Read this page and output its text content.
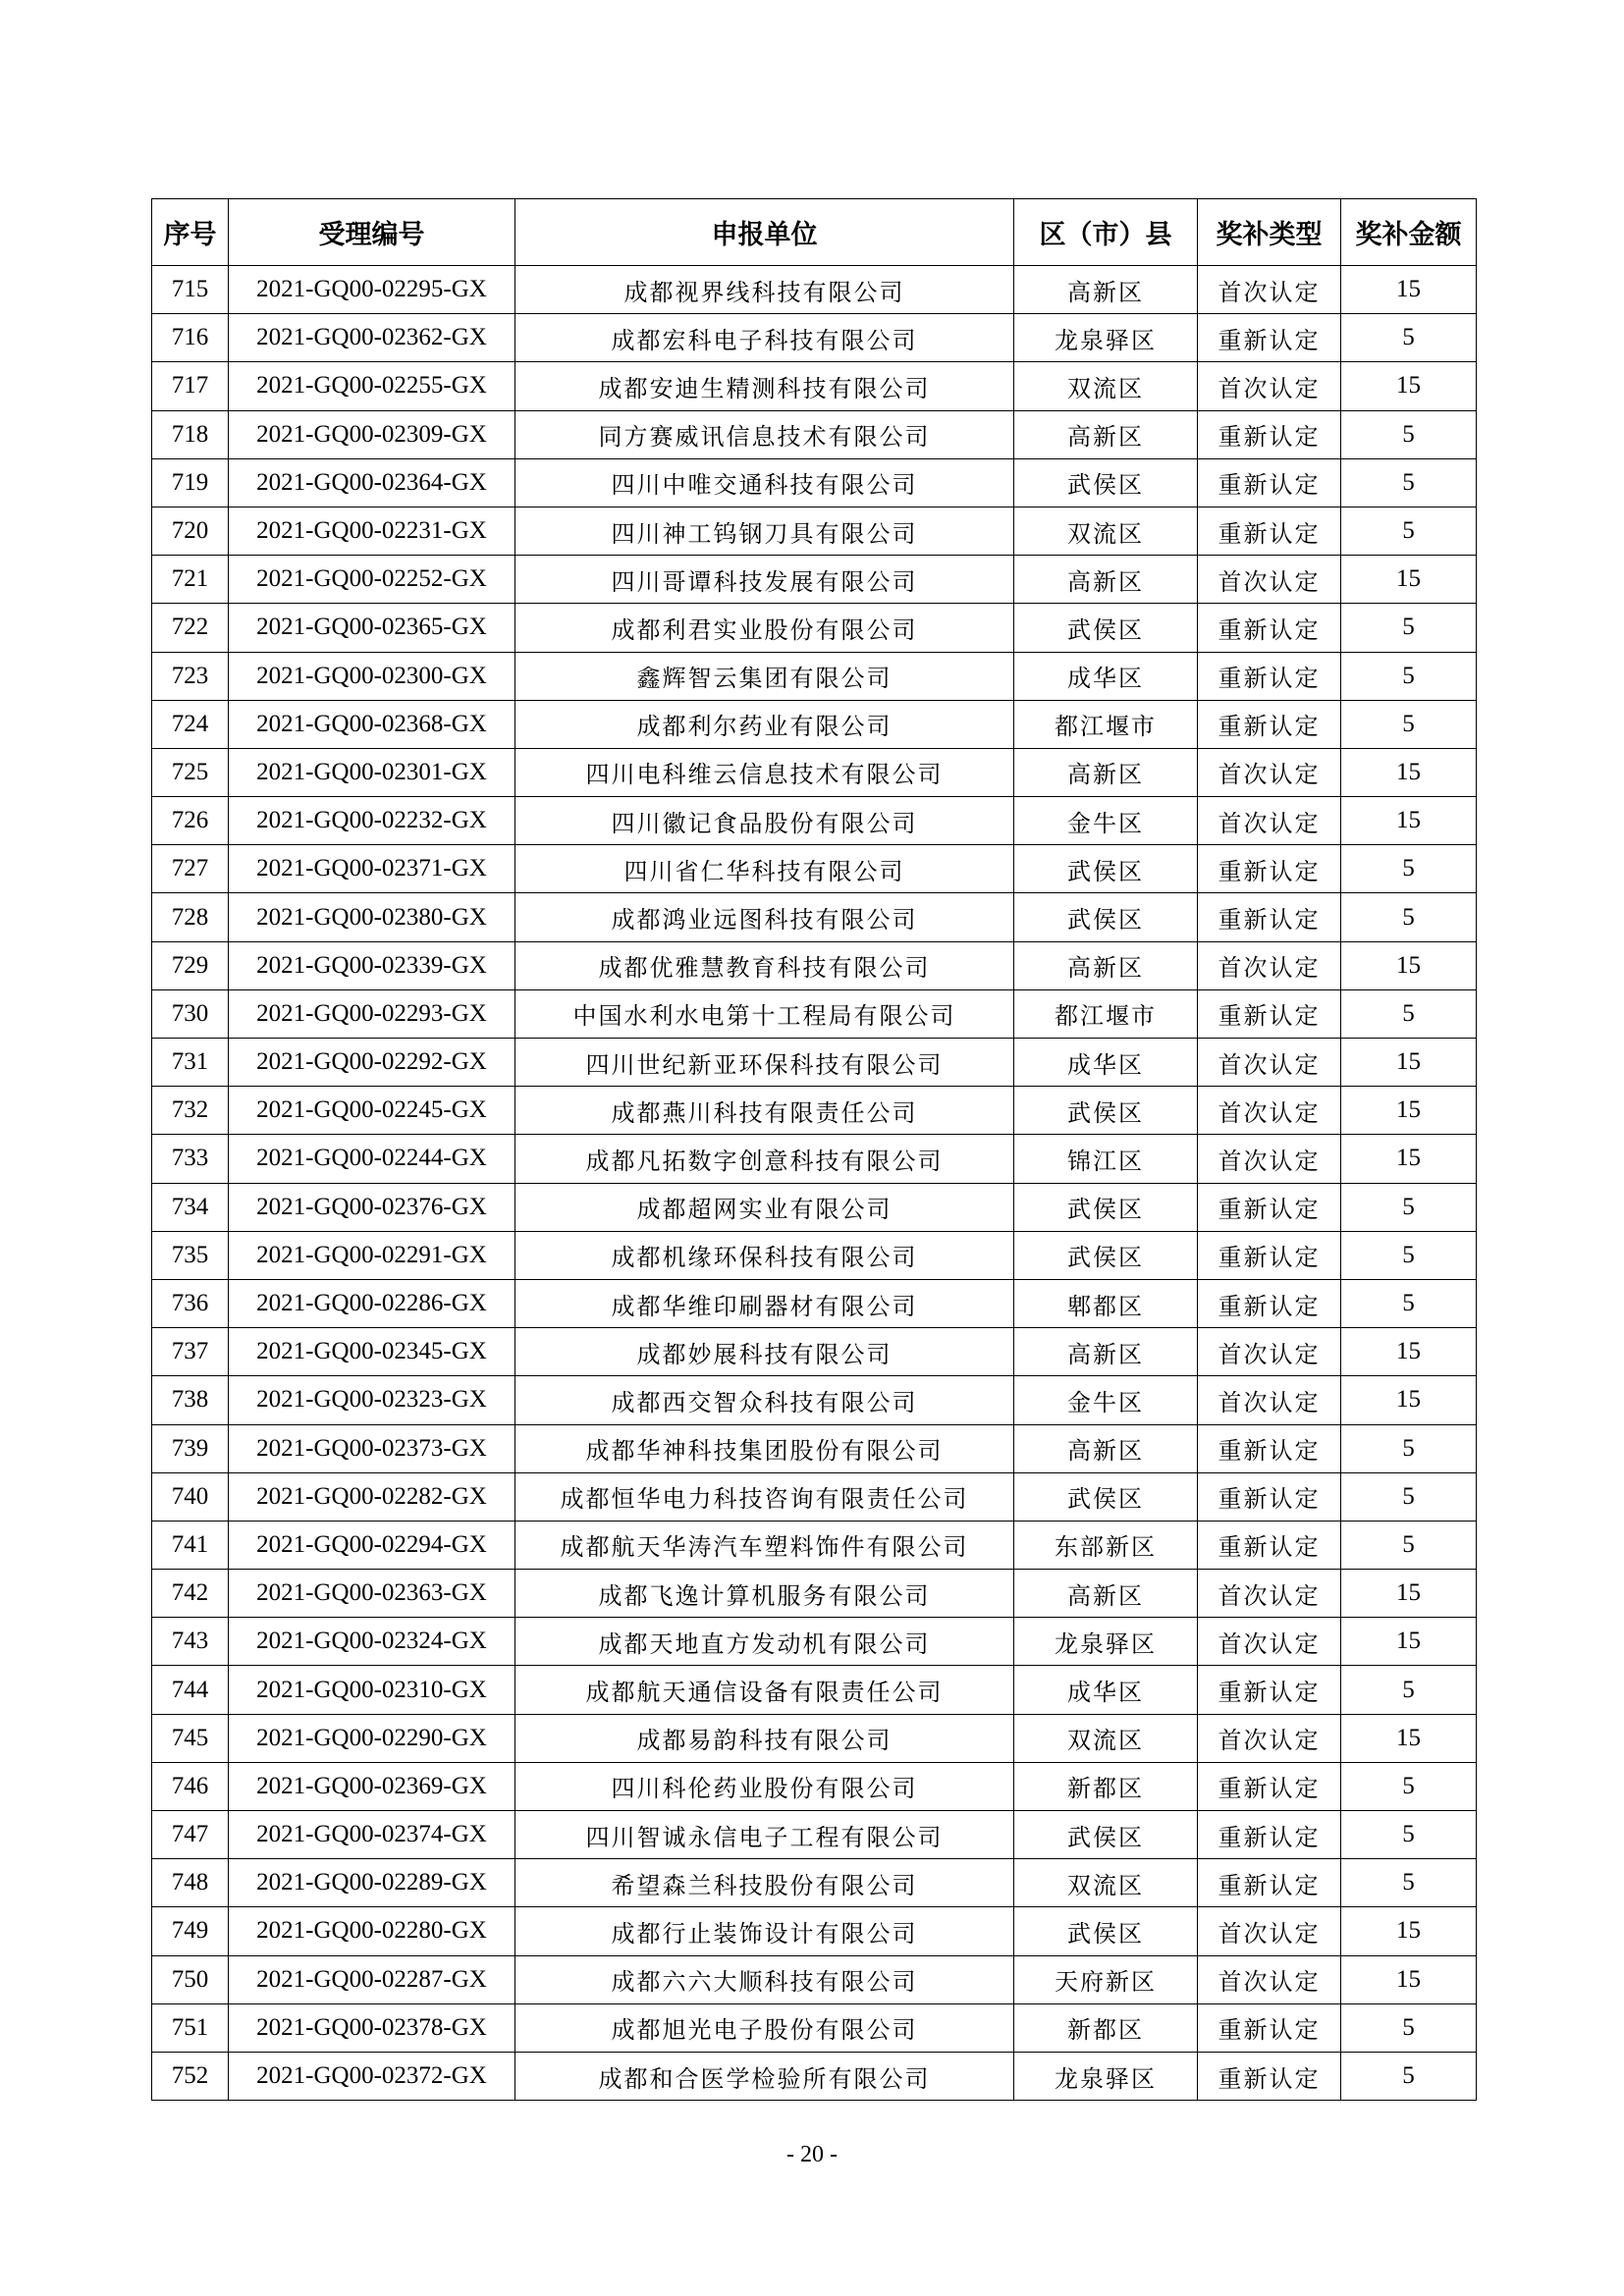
序号	受理编号	申报单位	区（市）县	奖补类型	奖补金额
715	2021-GQ00-02295-GX	成都视界线科技有限公司	高新区	首次认定	15
716	2021-GQ00-02362-GX	成都宏科电子科技有限公司	龙泉驿区	重新认定	5
717	2021-GQ00-02255-GX	成都安迪生精测科技有限公司	双流区	首次认定	15
718	2021-GQ00-02309-GX	同方赛威讯信息技术有限公司	高新区	重新认定	5
719	2021-GQ00-02364-GX	四川中唯交通科技有限公司	武侯区	重新认定	5
720	2021-GQ00-02231-GX	四川神工钨钢刀具有限公司	双流区	重新认定	5
721	2021-GQ00-02252-GX	四川哥谭科技发展有限公司	高新区	首次认定	15
722	2021-GQ00-02365-GX	成都利君实业股份有限公司	武侯区	重新认定	5
723	2021-GQ00-02300-GX	鑫辉智云集团有限公司	成华区	重新认定	5
724	2021-GQ00-02368-GX	成都利尔药业有限公司	都江堰市	重新认定	5
725	2021-GQ00-02301-GX	四川电科维云信息技术有限公司	高新区	首次认定	15
726	2021-GQ00-02232-GX	四川徽记食品股份有限公司	金牛区	首次认定	15
727	2021-GQ00-02371-GX	四川省仁华科技有限公司	武侯区	重新认定	5
728	2021-GQ00-02380-GX	成都鸿业远图科技有限公司	武侯区	重新认定	5
729	2021-GQ00-02339-GX	成都优雅慧教育科技有限公司	高新区	首次认定	15
730	2021-GQ00-02293-GX	中国水利水电第十工程局有限公司	都江堰市	重新认定	5
731	2021-GQ00-02292-GX	四川世纪新亚环保科技有限公司	成华区	首次认定	15
732	2021-GQ00-02245-GX	成都燕川科技有限责任公司	武侯区	首次认定	15
733	2021-GQ00-02244-GX	成都凡拓数字创意科技有限公司	锦江区	首次认定	15
734	2021-GQ00-02376-GX	成都超网实业有限公司	武侯区	重新认定	5
735	2021-GQ00-02291-GX	成都机缘环保科技有限公司	武侯区	重新认定	5
736	2021-GQ00-02286-GX	成都华维印刷器材有限公司	郫都区	重新认定	5
737	2021-GQ00-02345-GX	成都妙展科技有限公司	高新区	首次认定	15
738	2021-GQ00-02323-GX	成都西交智众科技有限公司	金牛区	首次认定	15
739	2021-GQ00-02373-GX	成都华神科技集团股份有限公司	高新区	重新认定	5
740	2021-GQ00-02282-GX	成都恒华电力科技咨询有限责任公司	武侯区	重新认定	5
741	2021-GQ00-02294-GX	成都航天华涛汽车塑料饰件有限公司	东部新区	重新认定	5
742	2021-GQ00-02363-GX	成都飞逸计算机服务有限公司	高新区	首次认定	15
743	2021-GQ00-02324-GX	成都天地直方发动机有限公司	龙泉驿区	首次认定	15
744	2021-GQ00-02310-GX	成都航天通信设备有限责任公司	成华区	重新认定	5
745	2021-GQ00-02290-GX	成都易韵科技有限公司	双流区	首次认定	15
746	2021-GQ00-02369-GX	四川科伦药业股份有限公司	新都区	重新认定	5
747	2021-GQ00-02374-GX	四川智诚永信电子工程有限公司	武侯区	重新认定	5
748	2021-GQ00-02289-GX	希望森兰科技股份有限公司	双流区	重新认定	5
749	2021-GQ00-02280-GX	成都行止装饰设计有限公司	武侯区	首次认定	15
750	2021-GQ00-02287-GX	成都六六大顺科技有限公司	天府新区	首次认定	15
751	2021-GQ00-02378-GX	成都旭光电子股份有限公司	新都区	重新认定	5
752	2021-GQ00-02372-GX	成都和合医学检验所有限公司	龙泉驿区	重新认定	5
- 20 -
